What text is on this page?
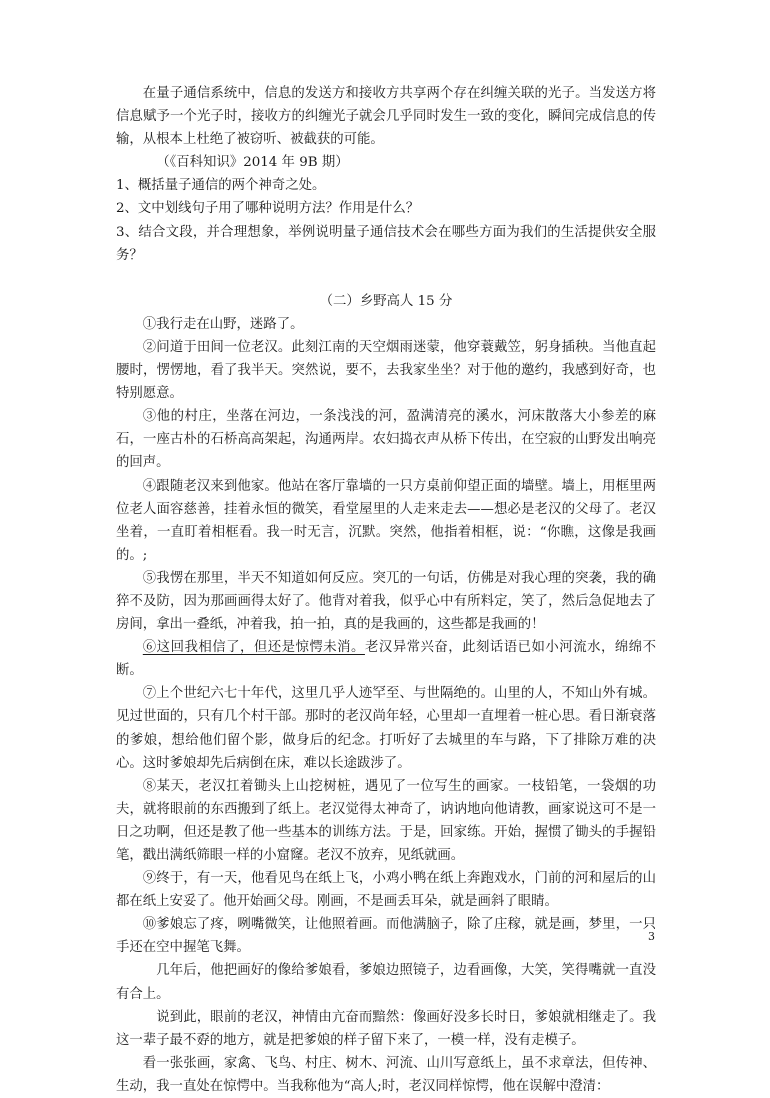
在量子通信系统中，信息的发送方和接收方共享两个存在纠缠关联的光子。当发送方将信息赋予一个光子时，接收方的纠缠光子就会几乎同时发生一致的变化，瞬间完成信息的传输，从根本上杜绝了被窃听、被截获的可能。

（《百科知识》2014 年 9B 期）

1、概括量子通信的两个神奇之处。

2、文中划线句子用了哪种说明方法？作用是什么？

3、结合文段，并合理想象，举例说明量子通信技术会在哪些方面为我们的生活提供安全服务？

（二）乡野高人 15 分

①我行走在山野，迷路了。

②问道于田间一位老汉。此刻江南的天空烟雨迷蒙，他穿蓑戴笠，躬身插秧。当他直起腰时，愣愣地，看了我半天。突然说，要不，去我家坐坐？对于他的邀约，我感到好奇，也特别愿意。

③他的村庄，坐落在河边，一条浅浅的河，盈满清亮的溪水，河床散落大小参差的麻石，一座古朴的石桥高高架起，沟通两岸。农妇捣衣声从桥下传出，在空寂的山野发出响亮的回声。

④跟随老汉来到他家。他站在客厅靠墙的一只方桌前仰望正面的墙壁。墙上，用框里两位老人面容慈善，挂着永恒的微笑，看堂屋里的人走来走去——想必是老汉的父母了。老汉坐着，一直盯着相框看。我一时无言，沉默。突然，他指着相框，说：“你瞧，这像是我画的。;

⑤我愣在那里，半天不知道如何反应。突兀的一句话，仿佛是对我心理的突袭，我的确猝不及防，因为那画画得太好了。他背对着我，似乎心中有所料定，笑了，然后急促地去了房间，拿出一叠纸，冲着我，拍一拍，真的是我画的，这些都是我画的！

⑥这回我相信了，但还是惊愕未消。老汉异常兴奋，此刻话语已如小河流水，绵绵不断。

⑦上个世纪六七十年代，这里几乎人迹罕至、与世隔绝的。山里的人，不知山外有城。见过世面的，只有几个村干部。那时的老汉尚年轻，心里却一直埋着一桩心思。看日渐衰落的爹娘，想给他们留个影，做身后的纪念。打听好了去城里的车与路，下了排除万难的决心。这时爹娘却先后病倒在床，难以长途跋涉了。

⑧某天，老汉扛着锄头上山挖树桩，遇见了一位写生的画家。一枝铅笔，一袋烟的功夫，就将眼前的东西搬到了纸上。老汉觉得太神奇了，讷讷地向他请教，画家说这可不是一日之功啊，但还是教了他一些基本的训练方法。于是，回家练。开始，握惯了锄头的手握铅笔，戳出满纸筛眼一样的小窟窿。老汉不放弃，见纸就画。

⑨终于，有一天，他看见鸟在纸上飞，小鸡小鸭在纸上奔跑戏水，门前的河和屋后的山都在纸上安妥了。他开始画父母。刚画，不是画丢耳朵，就是画斜了眼睛。

⑩爹娘忘了疼，咧嘴微笑，让他照着画。而他满脑子，除了庄稼，就是画，梦里，一只手还在空中握笔飞舞。

几年后，他把画好的像给爹娘看，爹娘边照镜子，边看画像，大笑，笑得嘴就一直没有合上。

说到此，眼前的老汉，神情由亢奋而黯然：像画好没多长时日，爹娘就相继走了。我这一辈子最不孬的地方，就是把爹娘的样子留下来了，一模一样，没有走模子。

看一张张画，家禽、飞鸟、村庄、树木、河流、山川写意纸上，虽不求章法，但传神、生动，我一直处在惊愕中。当我称他为“高人;时，老汉同样惊愕，他在误解中澄清：

3
